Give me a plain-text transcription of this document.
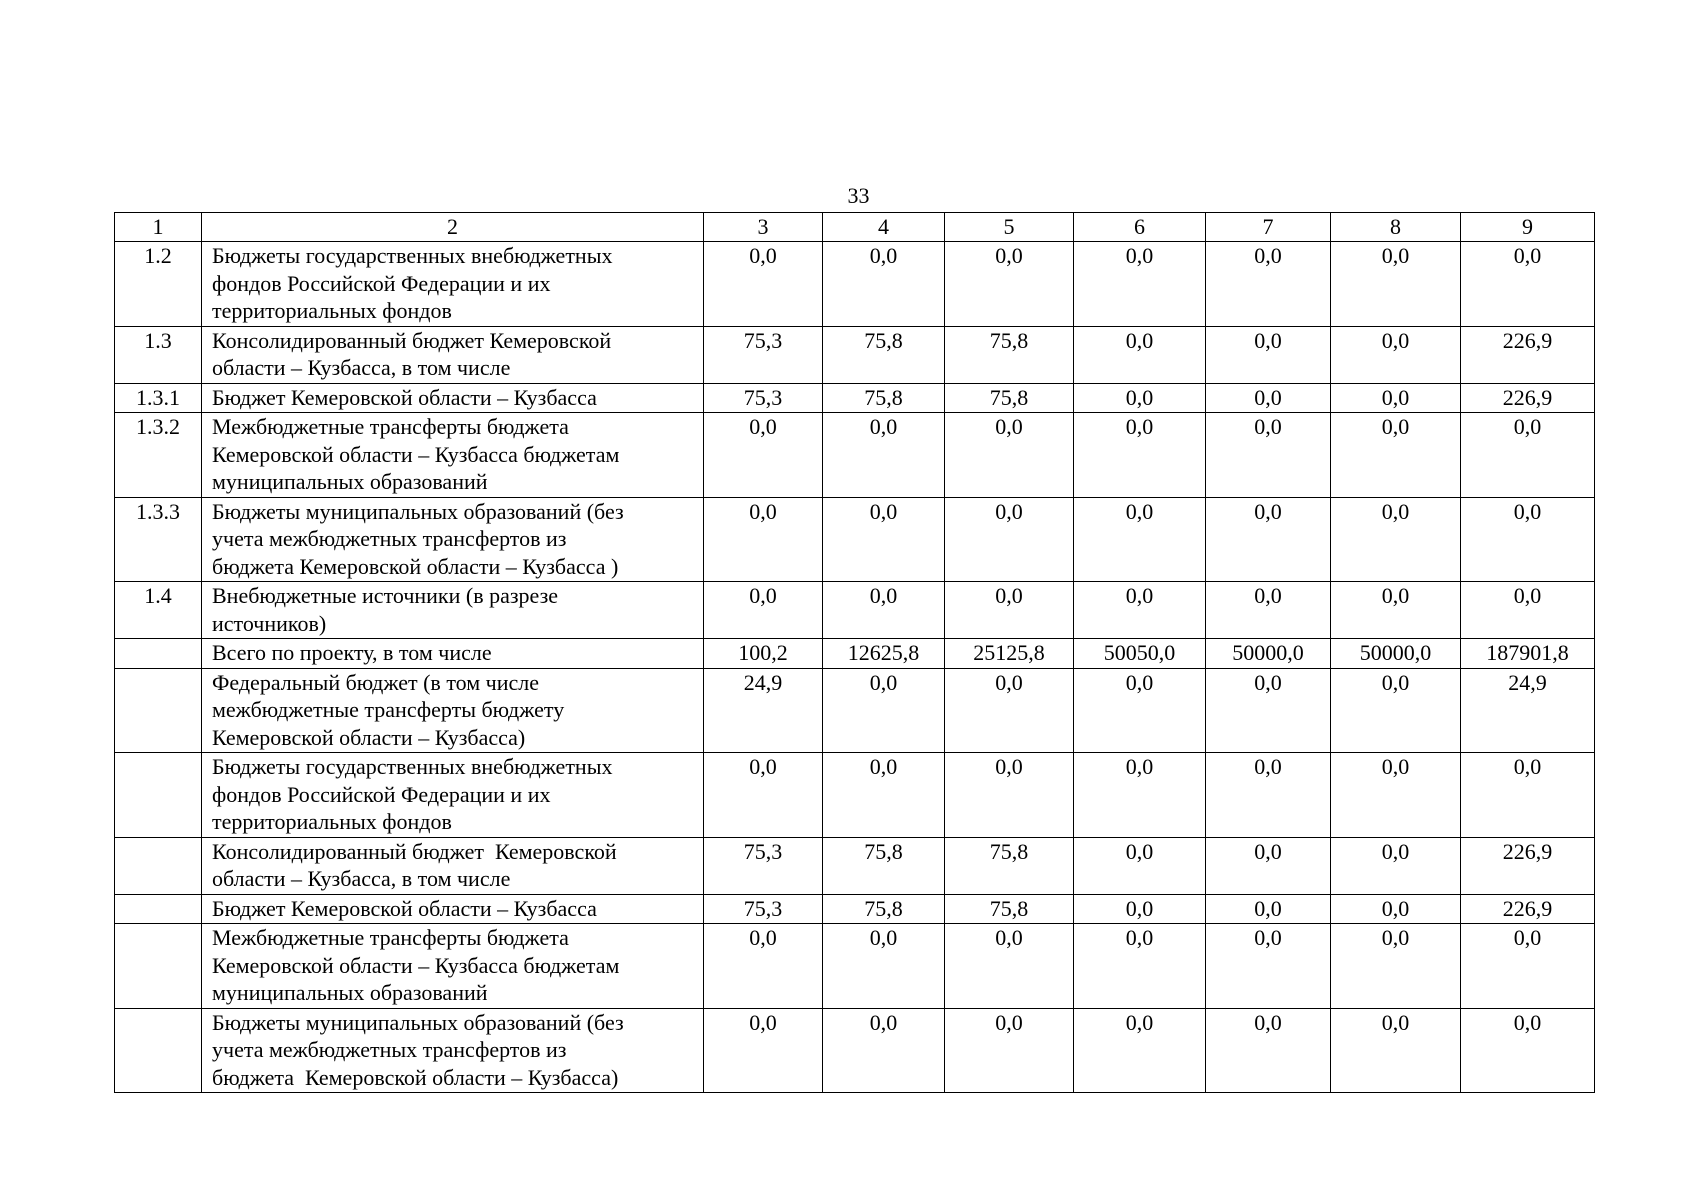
33
1	2	3	4	5	6	7	8	9
1.2	Бюджеты государственных внебюджетных
фондов Российской Федерации и их
территориальных фондов	0,0	0,0	0,0	0,0	0,0	0,0	0,0
1.3	Консолидированный бюджет Кемеровской
области – Кузбасса, в том числе	75,3	75,8	75,8	0,0	0,0	0,0	226,9
1.3.1	Бюджет Кемеровской области – Кузбасса	75,3	75,8	75,8	0,0	0,0	0,0	226,9
1.3.2	Межбюджетные трансферты бюджета
Кемеровской области – Кузбасса бюджетам
муниципальных образований	0,0	0,0	0,0	0,0	0,0	0,0	0,0
1.3.3	Бюджеты муниципальных образований (без
учета межбюджетных трансфертов из
бюджета Кемеровской области – Кузбасса )	0,0	0,0	0,0	0,0	0,0	0,0	0,0
1.4	Внебюджетные источники (в разрезе
источников)	0,0	0,0	0,0	0,0	0,0	0,0	0,0

	Всего по проекту, в том числе	100,2	12625,8	25125,8	50050,0	50000,0	50000,0	187901,8

	Федеральный бюджет (в том числе
межбюджетные трансферты бюджету
Кемеровской области – Кузбасса)	24,9	0,0	0,0	0,0	0,0	0,0	24,9

	Бюджеты государственных внебюджетных
фондов Российской Федерации и их
территориальных фондов	0,0	0,0	0,0	0,0	0,0	0,0	0,0

	Консолидированный бюджет  Кемеровской
области – Кузбасса, в том числе	75,3	75,8	75,8	0,0	0,0	0,0	226,9

	Бюджет Кемеровской области – Кузбасса	75,3	75,8	75,8	0,0	0,0	0,0	226,9

	Межбюджетные трансферты бюджета
Кемеровской области – Кузбасса бюджетам
муниципальных образований	0,0	0,0	0,0	0,0	0,0	0,0	0,0

	Бюджеты муниципальных образований (без
учета межбюджетных трансфертов из
бюджета  Кемеровской области – Кузбасса)	0,0	0,0	0,0	0,0	0,0	0,0	0,0
